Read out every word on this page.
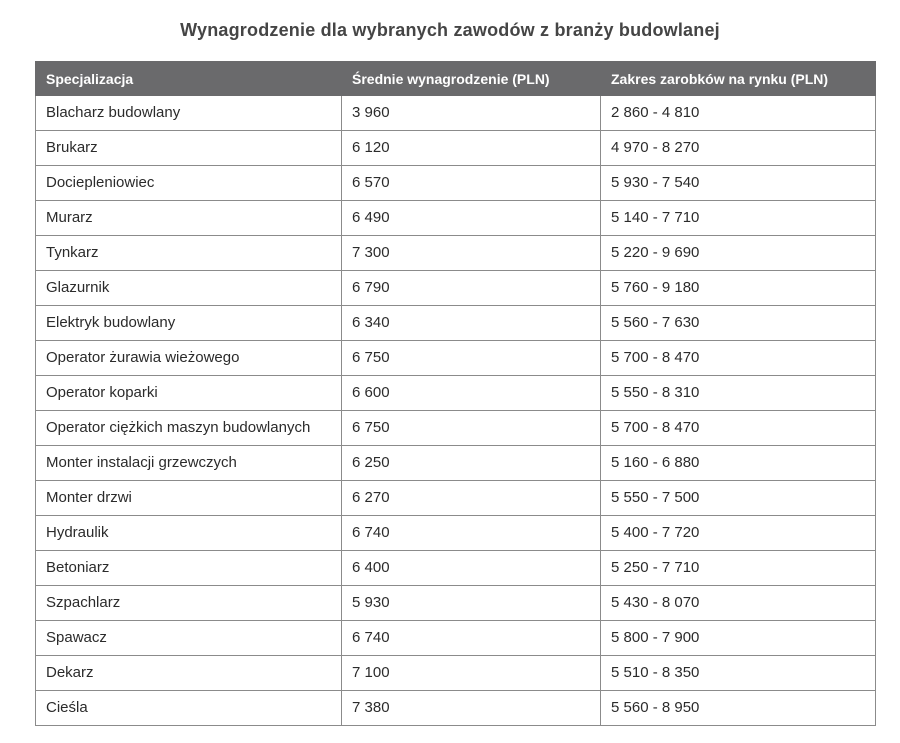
Wynagrodzenie dla wybranych zawodów z branży budowlanej
Specjalizacja	Średnie wynagrodzenie (PLN)	Zakres zarobków na rynku (PLN)
Blacharz budowlany	3 960	2 860 - 4 810
Brukarz	6 120	4 970 - 8 270
Dociepleniowiec	6 570	5 930 - 7 540
Murarz	6 490	5 140 - 7 710
Tynkarz	7 300	5 220 - 9 690
Glazurnik	6 790	5 760 - 9 180
Elektryk budowlany	6 340	5 560 - 7 630
Operator żurawia wieżowego	6 750	5 700 - 8 470
Operator koparki	6 600	5 550 - 8 310
Operator ciężkich maszyn budowlanych	6 750	5 700 - 8 470
Monter instalacji grzewczych	6 250	5 160 - 6 880
Monter drzwi	6 270	5 550 - 7 500
Hydraulik	6 740	5 400 - 7 720
Betoniarz	6 400	5 250 - 7 710
Szpachlarz	5 930	5 430 - 8 070
Spawacz	6 740	5 800 - 7 900
Dekarz	7 100	5 510 - 8 350
Cieśla	7 380	5 560 - 8 950
